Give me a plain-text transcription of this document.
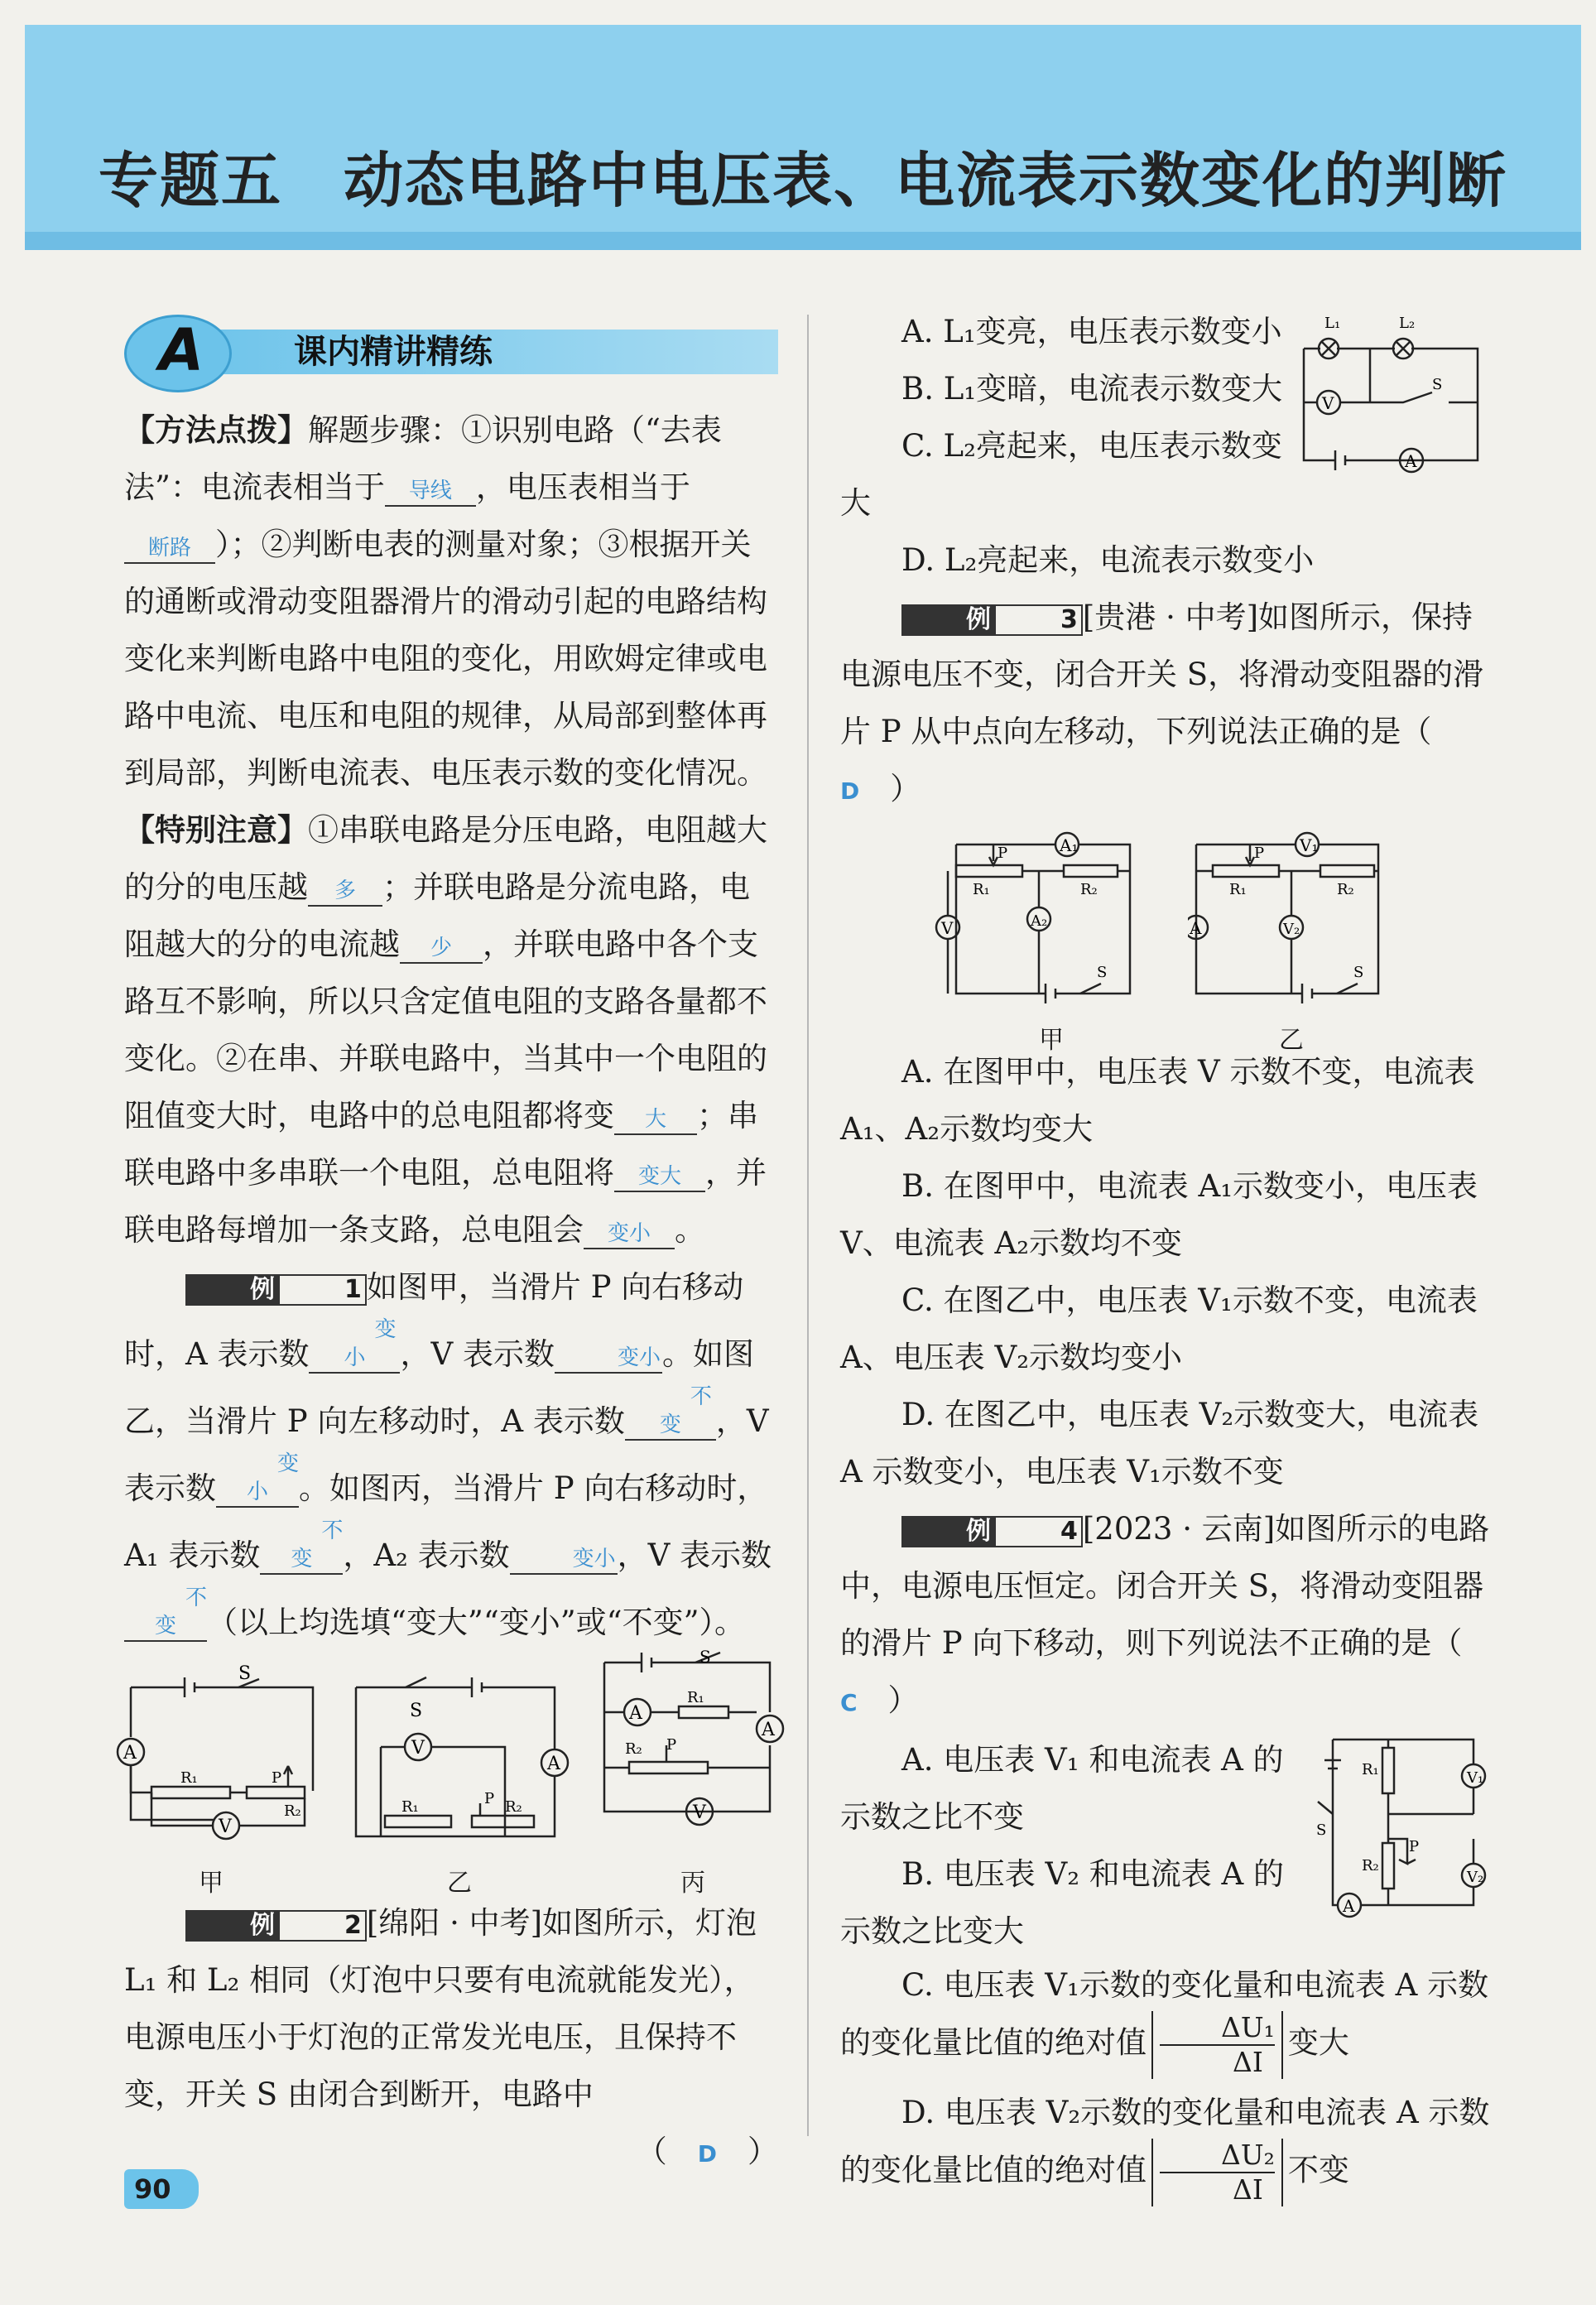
专题五　动态电路中电压表、电流表示数变化的判断
A	课内精讲精练

【方法点拨】解题步骤：①识别电路（“去表法”：电流表相当于 导线 ，电压表相当于断路 ）；②判断电表的测量对象；③根据开关的通断或滑动变阻器滑片的滑动引起的电路结构变化来判断电路中电阻的变化，用欧姆定律或电路中电流、电压和电阻的规律，从局部到整体再到局部，判断电流表、电压表示数的变化情况。

【特别注意】①串联电路是分压电路，电阻越大的分的电压越 多 ；并联电路是分流电路，电阻越大的分的电流越 少 ，并联电路中各个支路互不影响，所以只含定值电阻的支路各量都不变化。②在串、并联电路中，当其中一个电阻的阻值变大时，电路中的总电阻都将变 大 ；串联电路中多串联一个电阻，总电阻将 变大 ，并联电路每增加一条支路，总电阻会 变小 。

例	1 如图甲，当滑片 P 向右移动时，A 表示数变小 ，V 表示数	变小。如图乙，当滑片 P 向左移动时，A 表示数不变 ，V 表示数变小 。如图丙，当滑片 P 向右移动时，A₁ 表示数不变 ，A₂ 表示数	变小，V 表示数不变 （以上均选填“变大”“变小”或“不变”）。

A
V
S
R₁	P
R₂
A
V
S
R₁	P R₂
A
A
V
S
R₁
R₂ P
甲	乙	丙

例	2 [绵阳 · 中考]如图所示，灯泡 L₁ 和 L₂ 相同（灯泡中只要有电流就能发光），电源电压小于灯泡的正常发光电压，且保持不变，开关 S 由闭合到断开，电路中
（　D　）

A. L₁变亮，电压表示数变小

B. L₁变暗，电流表示数变大

C. L₂亮起来，电压表示数变大

D. L₂亮起来，电流表示数变小

L₁	L₂
V
A
S

例	3 [贵港 · 中考]如图所示，保持电源电压不变，闭合开关 S，将滑动变阻器的滑片 P 从中点向左移动，下列说法正确的是（　D　）

A₁
V	A₂
P
R₁	R₂
S
V₁
A	V₂
P
R₁	R₂
S
甲	乙

A. 在图甲中，电压表 V 示数不变，电流表 A₁、A₂示数均变大

B. 在图甲中，电流表 A₁示数变小，电压表 V、电流表 A₂示数均不变

C. 在图乙中，电压表 V₁示数不变，电流表 A、电压表 V₂示数均变小

D. 在图乙中，电压表 V₂示数变大，电流表 A 示数变小，电压表 V₁示数不变

例	4 [2023 · 云南]如图所示的电路中，电源电压恒定。闭合开关 S，将滑动变阻器的滑片 P 向下移动，则下列说法不正确的是（　C　）

A. 电压表 V₁ 和电流表 A 的示数之比不变

B. 电压表 V₂ 和电流表 A 的示数之比变大

V₁
V₂
A
R₁
R₂
P
S

C. 电压表 V₁示数的变化量和电流表 A 示数的变化量比值的绝对值 $\frac{\text{ΔU₁}}{\Delta I}$ 变大

D. 电压表 V₂示数的变化量和电流表 A 示数的变化量比值的绝对值 $\frac{\text{ΔU₂}}{\Delta I}$ 不变

90
